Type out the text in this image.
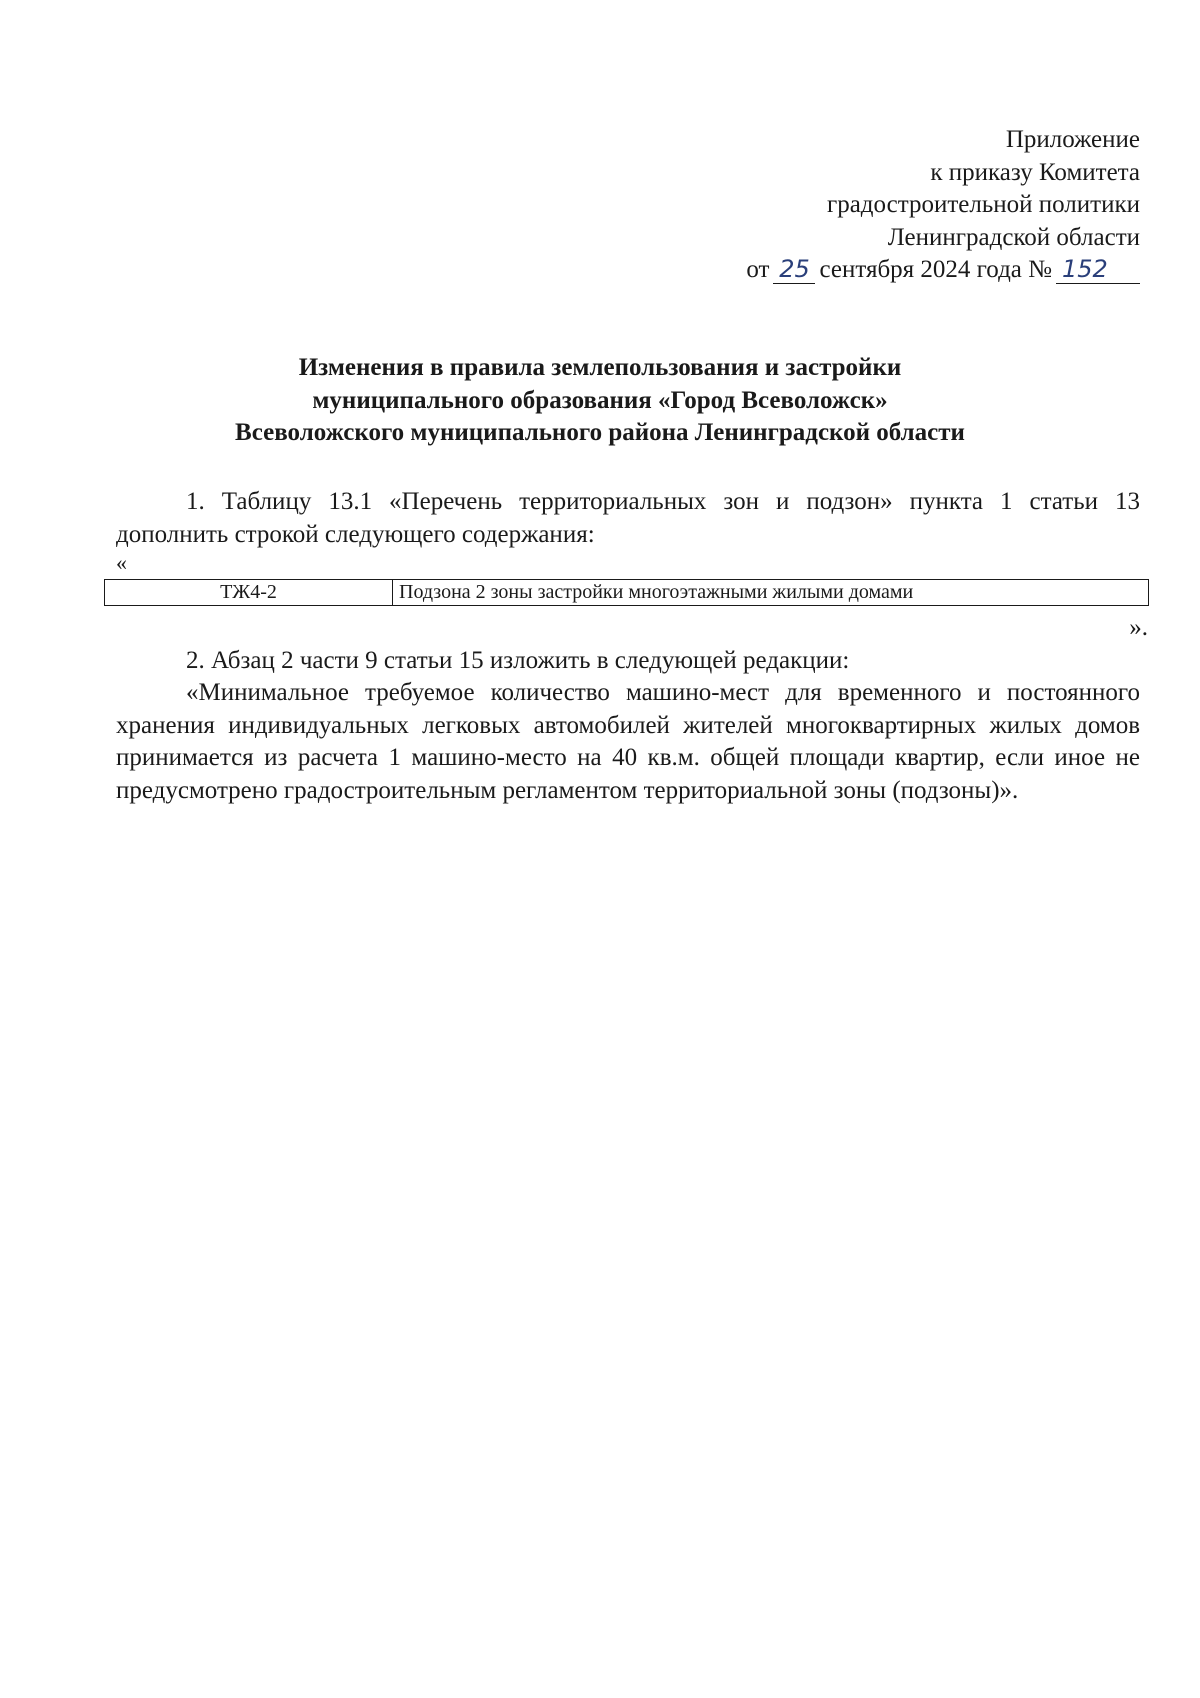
Приложение
к приказу Комитета
градостроительной политики
Ленинградской области
от 25 сентября 2024 года № 152
Изменения в правила землепользования и застройки
муниципального образования «Город Всеволожск»
Всеволожского муниципального района Ленинградской области
1. Таблицу 13.1 «Перечень территориальных зон и подзон» пункта 1 статьи 13 дополнить строкой следующего содержания:
«
ТЖ4-2	Подзона 2 зоны застройки многоэтажными жилыми домами
».
2. Абзац 2 части 9 статьи 15 изложить в следующей редакции:
«Минимальное требуемое количество машино-мест для временного и постоянного хранения индивидуальных легковых автомобилей жителей многоквартирных жилых домов принимается из расчета 1 машино-место на 40 кв.м. общей площади квартир, если иное не предусмотрено градостроительным регламентом территориальной зоны (подзоны)».
